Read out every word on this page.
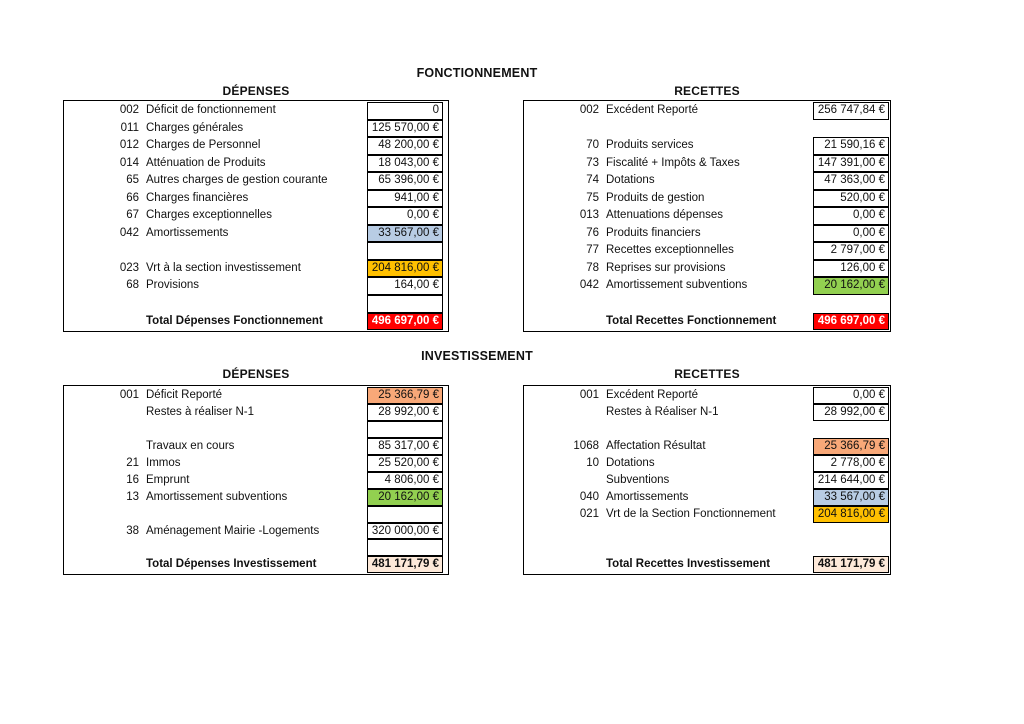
FONCTIONNEMENT
DÉPENSES	RECETTES
002 Déficit de fonctionnement	0
011 Charges générales	125 570,00 €
012 Charges de Personnel	48 200,00 €
014 Atténuation de Produits	18 043,00 €
65 Autres charges de gestion courante	65 396,00 €
66 Charges financières	941,00 €
67 Charges exceptionnelles	0,00 €
042 Amortissements	33 567,00 €
023 Vrt à la section investissement	204 816,00 €
68 Provisions	164,00 €
Total Dépenses Fonctionnement	496 697,00 €
002 Excédent Reporté	256 747,84 €
70 Produits services	21 590,16 €
73 Fiscalité + Impôts & Taxes	147 391,00 €
74 Dotations	47 363,00 €
75 Produits de gestion	520,00 €
013 Attenuations dépenses	0,00 €
76 Produits financiers	0,00 €
77 Recettes exceptionnelles	2 797,00 €
78 Reprises sur provisions	126,00 €
042 Amortissement subventions	20 162,00 €
Total Recettes Fonctionnement	496 697,00 €
INVESTISSEMENT
DÉPENSES	RECETTES
001 Déficit Reporté	25 366,79 €
Restes à réaliser N-1	28 992,00 €
Travaux en cours	85 317,00 €
21 Immos	25 520,00 €
16 Emprunt	4 806,00 €
13 Amortissement subventions	20 162,00 €
38 Aménagement Mairie -Logements	320 000,00 €
Total Dépenses Investissement	481 171,79 €
001 Excédent Reporté	0,00 €
Restes à Réaliser N-1	28 992,00 €
1068 Affectation Résultat	25 366,79 €
10 Dotations	2 778,00 €
Subventions	214 644,00 €
040 Amortissements	33 567,00 €
021 Vrt de la Section Fonctionnement	204 816,00 €
Total Recettes Investissement	481 171,79 €
